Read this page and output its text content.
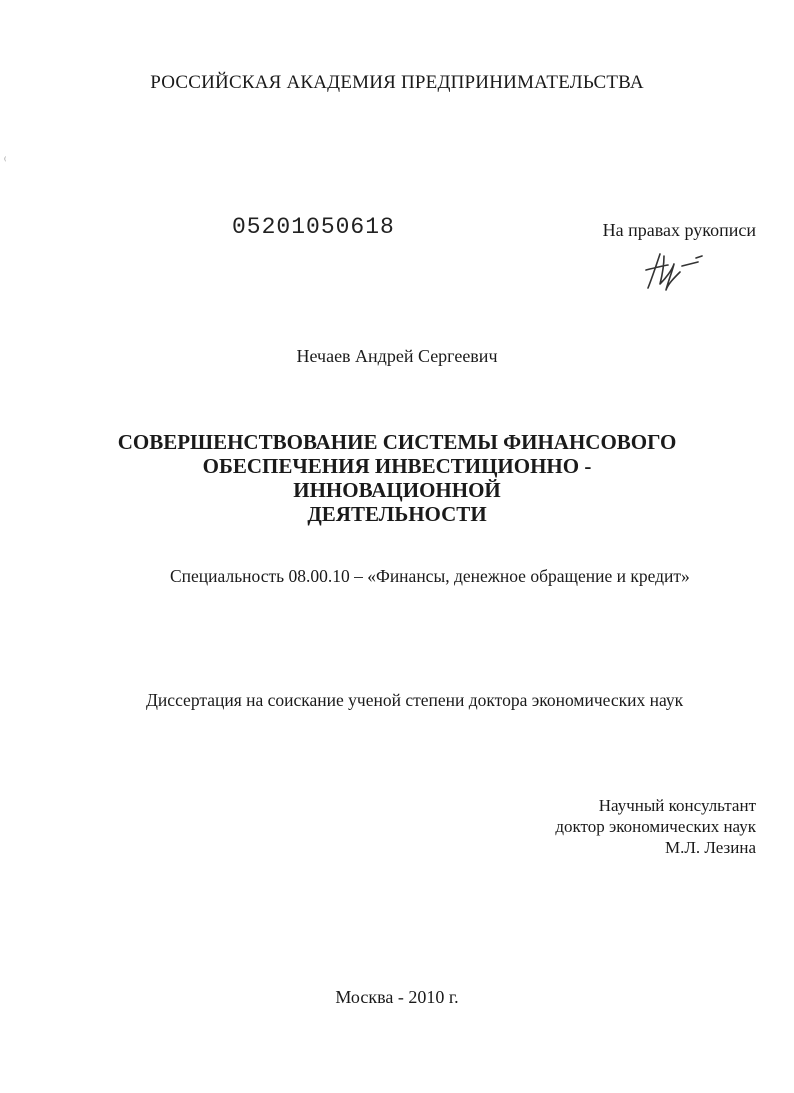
⁽
РОССИЙСКАЯ АКАДЕМИЯ ПРЕДПРИНИМАТЕЛЬСТВА
05201050618	На правах рукописи
Нечаев Андрей Сергеевич
СОВЕРШЕНСТВОВАНИЕ СИСТЕМЫ ФИНАНСОВОГО
ОБЕСПЕЧЕНИЯ ИНВЕСТИЦИОННО - ИННОВАЦИОННОЙ
ДЕЯТЕЛЬНОСТИ
Специальность 08.00.10 – «Финансы, денежное обращение и кредит»
Диссертация на соискание ученой степени доктора экономических наук
Научный консультант
доктор экономических наук
М.Л. Лезина
Москва - 2010 г.
